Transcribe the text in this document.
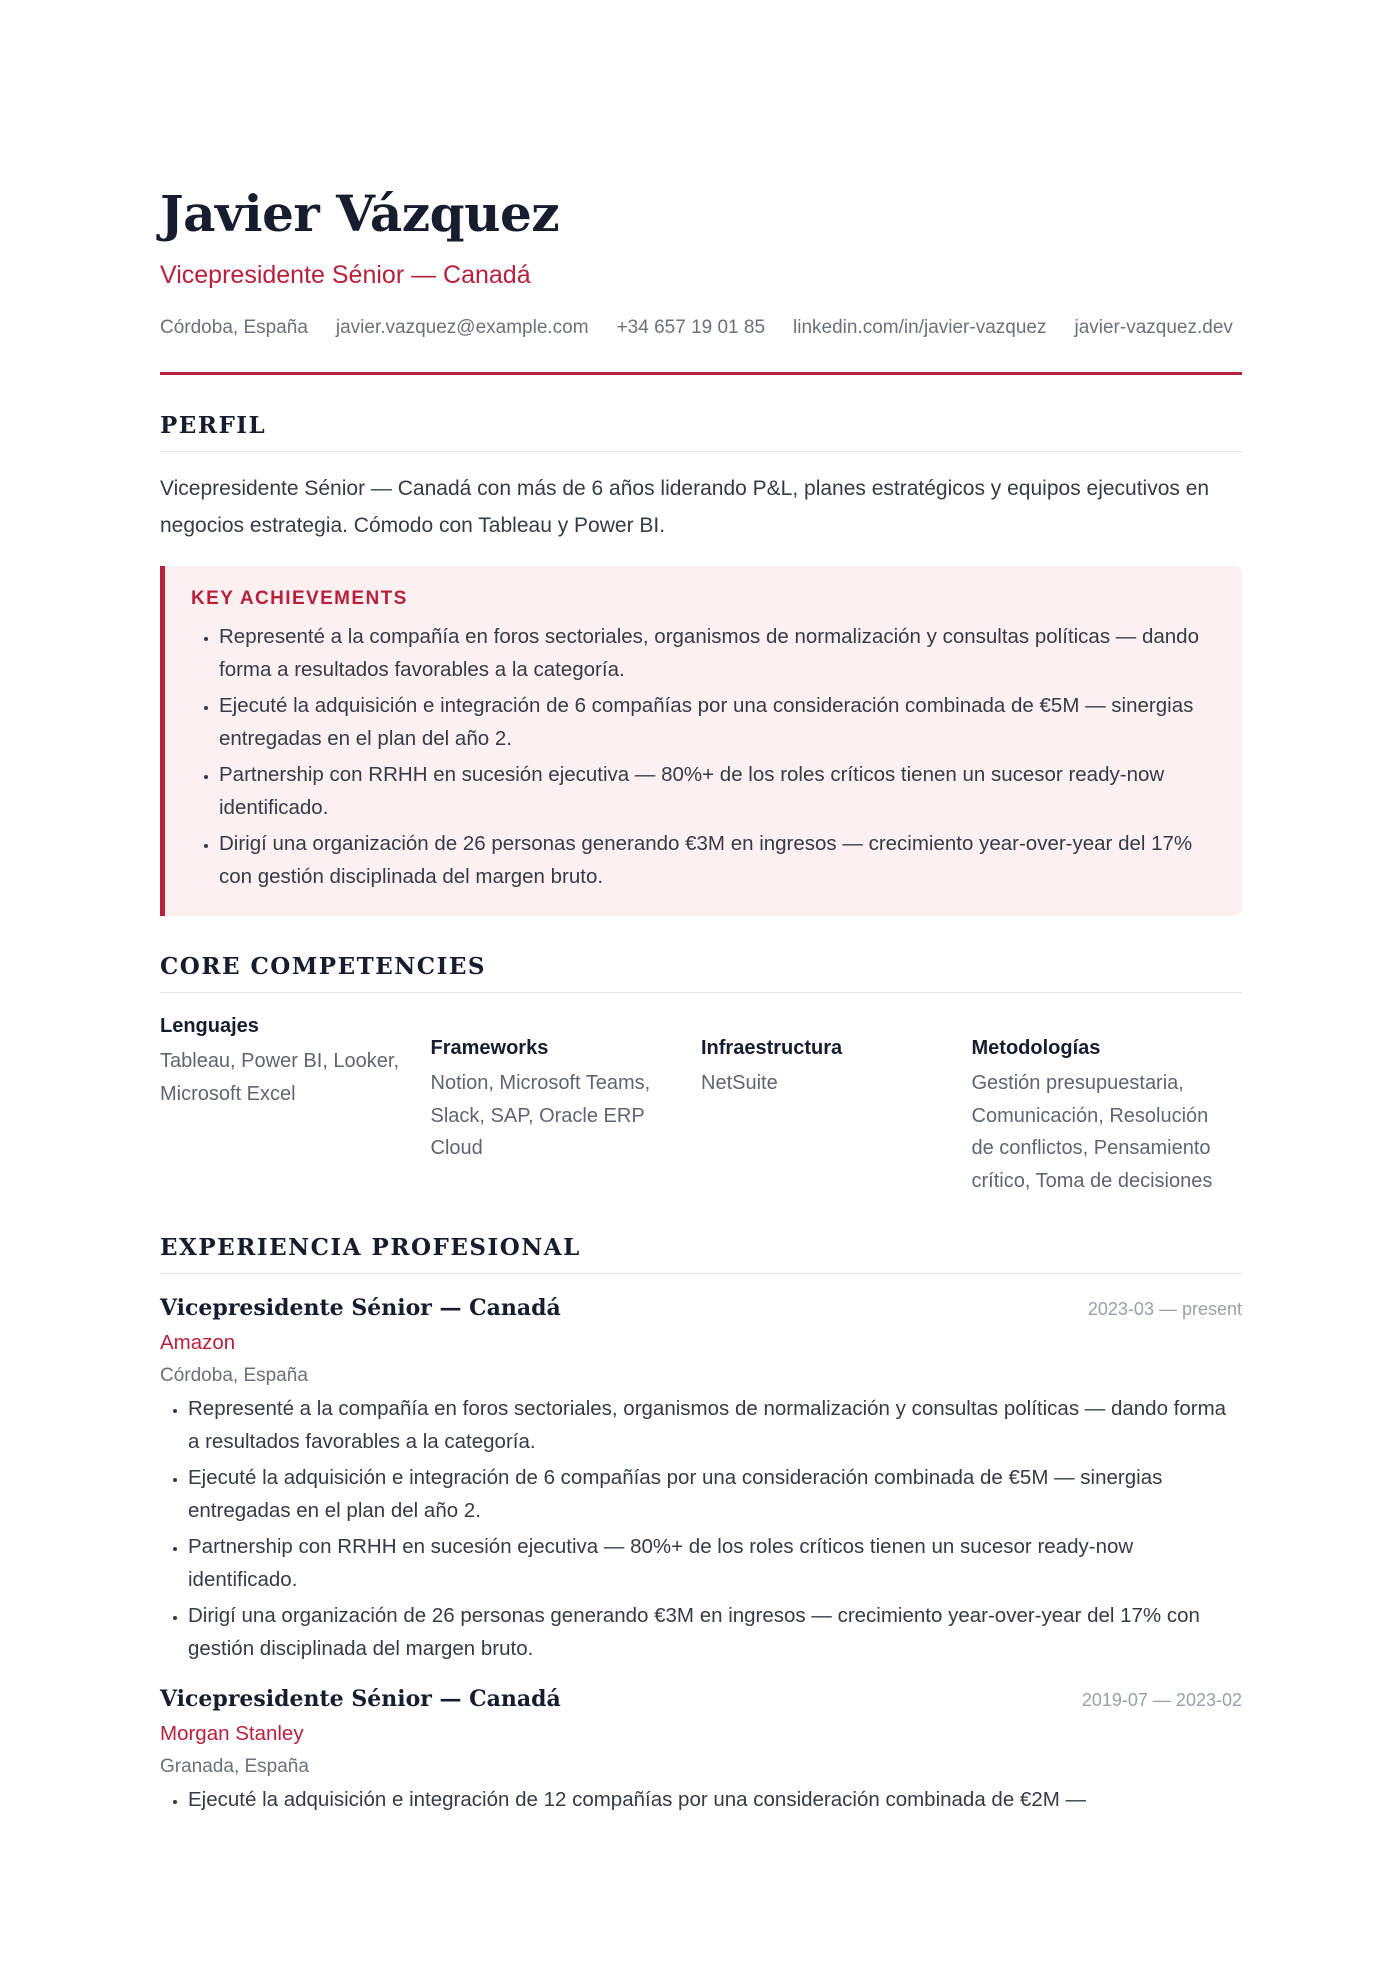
Javier Vázquez
Vicepresidente Sénior — Canadá
Córdoba, España javier.vazquez@example.com +34 657 19 01 85 linkedin.com/in/javier-vazquez javier-vazquez.dev
PERFIL
Vicepresidente Sénior — Canadá con más de 6 años liderando P&L, planes estratégicos y equipos ejecutivos en negocios estrategia. Cómodo con Tableau y Power BI.
KEY ACHIEVEMENTS
• Representé a la compañía en foros sectoriales, organismos de normalización y consultas políticas — dando forma a resultados favorables a la categoría.
• Ejecuté la adquisición e integración de 6 compañías por una consideración combinada de €5M — sinergias entregadas en el plan del año 2.
• Partnership con RRHH en sucesión ejecutiva — 80%+ de los roles críticos tienen un sucesor ready-now identificado.
• Dirigí una organización de 26 personas generando €3M en ingresos — crecimiento year-over-year del 17% con gestión disciplinada del margen bruto.
CORE COMPETENCIES
Lenguajes
Tableau, Power BI, Looker, Microsoft Excel
Frameworks
Notion, Microsoft Teams, Slack, SAP, Oracle ERP Cloud
Infraestructura
NetSuite
Metodologías
Gestión presupuestaria, Comunicación, Resolución de conflictos, Pensamiento crítico, Toma de decisiones
EXPERIENCIA PROFESIONAL
Vicepresidente Sénior — Canadá	2023-03 — present
Amazon
Córdoba, España
• Representé a la compañía en foros sectoriales, organismos de normalización y consultas políticas — dando forma a resultados favorables a la categoría.
• Ejecuté la adquisición e integración de 6 compañías por una consideración combinada de €5M — sinergias entregadas en el plan del año 2.
• Partnership con RRHH en sucesión ejecutiva — 80%+ de los roles críticos tienen un sucesor ready-now identificado.
• Dirigí una organización de 26 personas generando €3M en ingresos — crecimiento year-over-year del 17% con gestión disciplinada del margen bruto.
Vicepresidente Sénior — Canadá	2019-07 — 2023-02
Morgan Stanley
Granada, España
• Ejecuté la adquisición e integración de 12 compañías por una consideración combinada de €2M —
